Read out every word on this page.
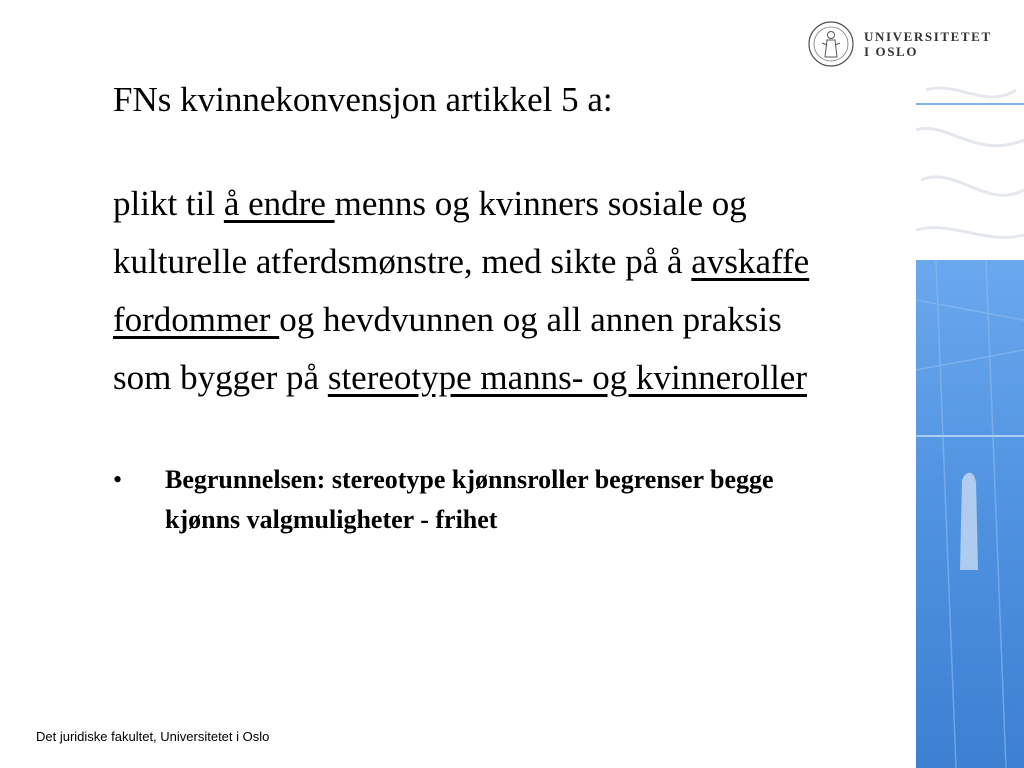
UNIVERSITETET
I OSLO
FNs kvinnekonvensjon artikkel 5 a:
plikt til å endre menns og kvinners sosiale og kulturelle atferdsmønstre, med sikte på å avskaffe fordommer og hevdvunnen og all annen praksis som bygger på stereotype manns- og kvinneroller
•	Begrunnelsen: stereotype kjønnsroller begrenser begge kjønns valgmuligheter - frihet
Det juridiske fakultet, Universitetet i Oslo
